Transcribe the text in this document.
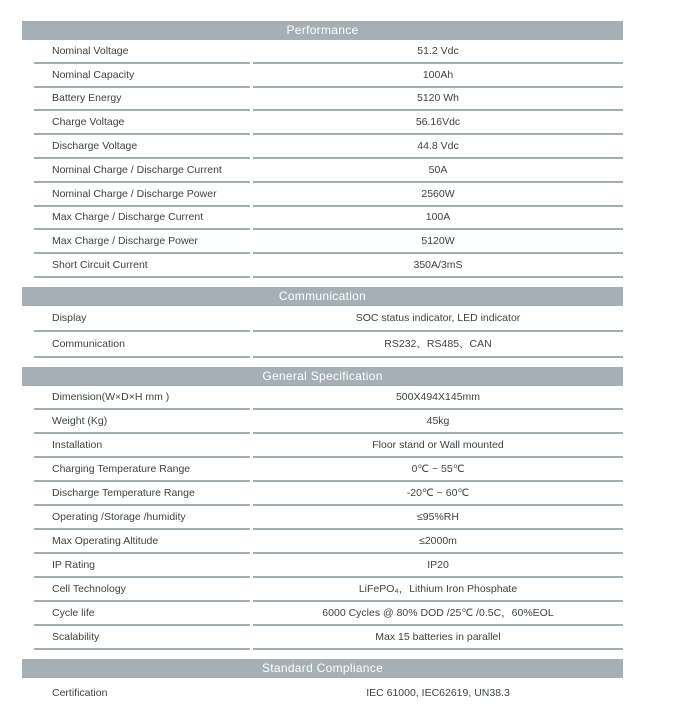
Performance
Nominal Voltage	51.2 Vdc
Nominal Capacity	100Ah
Battery Energy	5120 Wh
Charge Voltage	56.16Vdc
Discharge Voltage	44.8 Vdc
Nominal Charge / Discharge Current	50A
Nominal Charge / Discharge Power	2560W
Max Charge / Discharge Current	100A
Max Charge / Discharge Power	5120W
Short Circuit Current	350A/3mS
Communication
Display	SOC status indicator, LED indicator
Communication	RS232、RS485、CAN
General Specification
Dimension(W×D×H mm )	500X494X145mm
Weight (Kg)	45kg
Installation	Floor stand or Wall mounted
Charging Temperature Range	0℃ ~ 55℃
Discharge Temperature Range	-20℃ ~ 60℃
Operating /Storage /humidity	≤95%RH
Max Operating Altitude	≤2000m
IP Rating	IP20
Cell Technology	LiFePO₄，Lithium Iron Phosphate
Cycle life	6000 Cycles @ 80% DOD /25℃ /0.5C，60%EOL
Scalability	Max 15 batteries in parallel
Standard Compliance
Certification	IEC 61000, IEC62619, UN38.3
